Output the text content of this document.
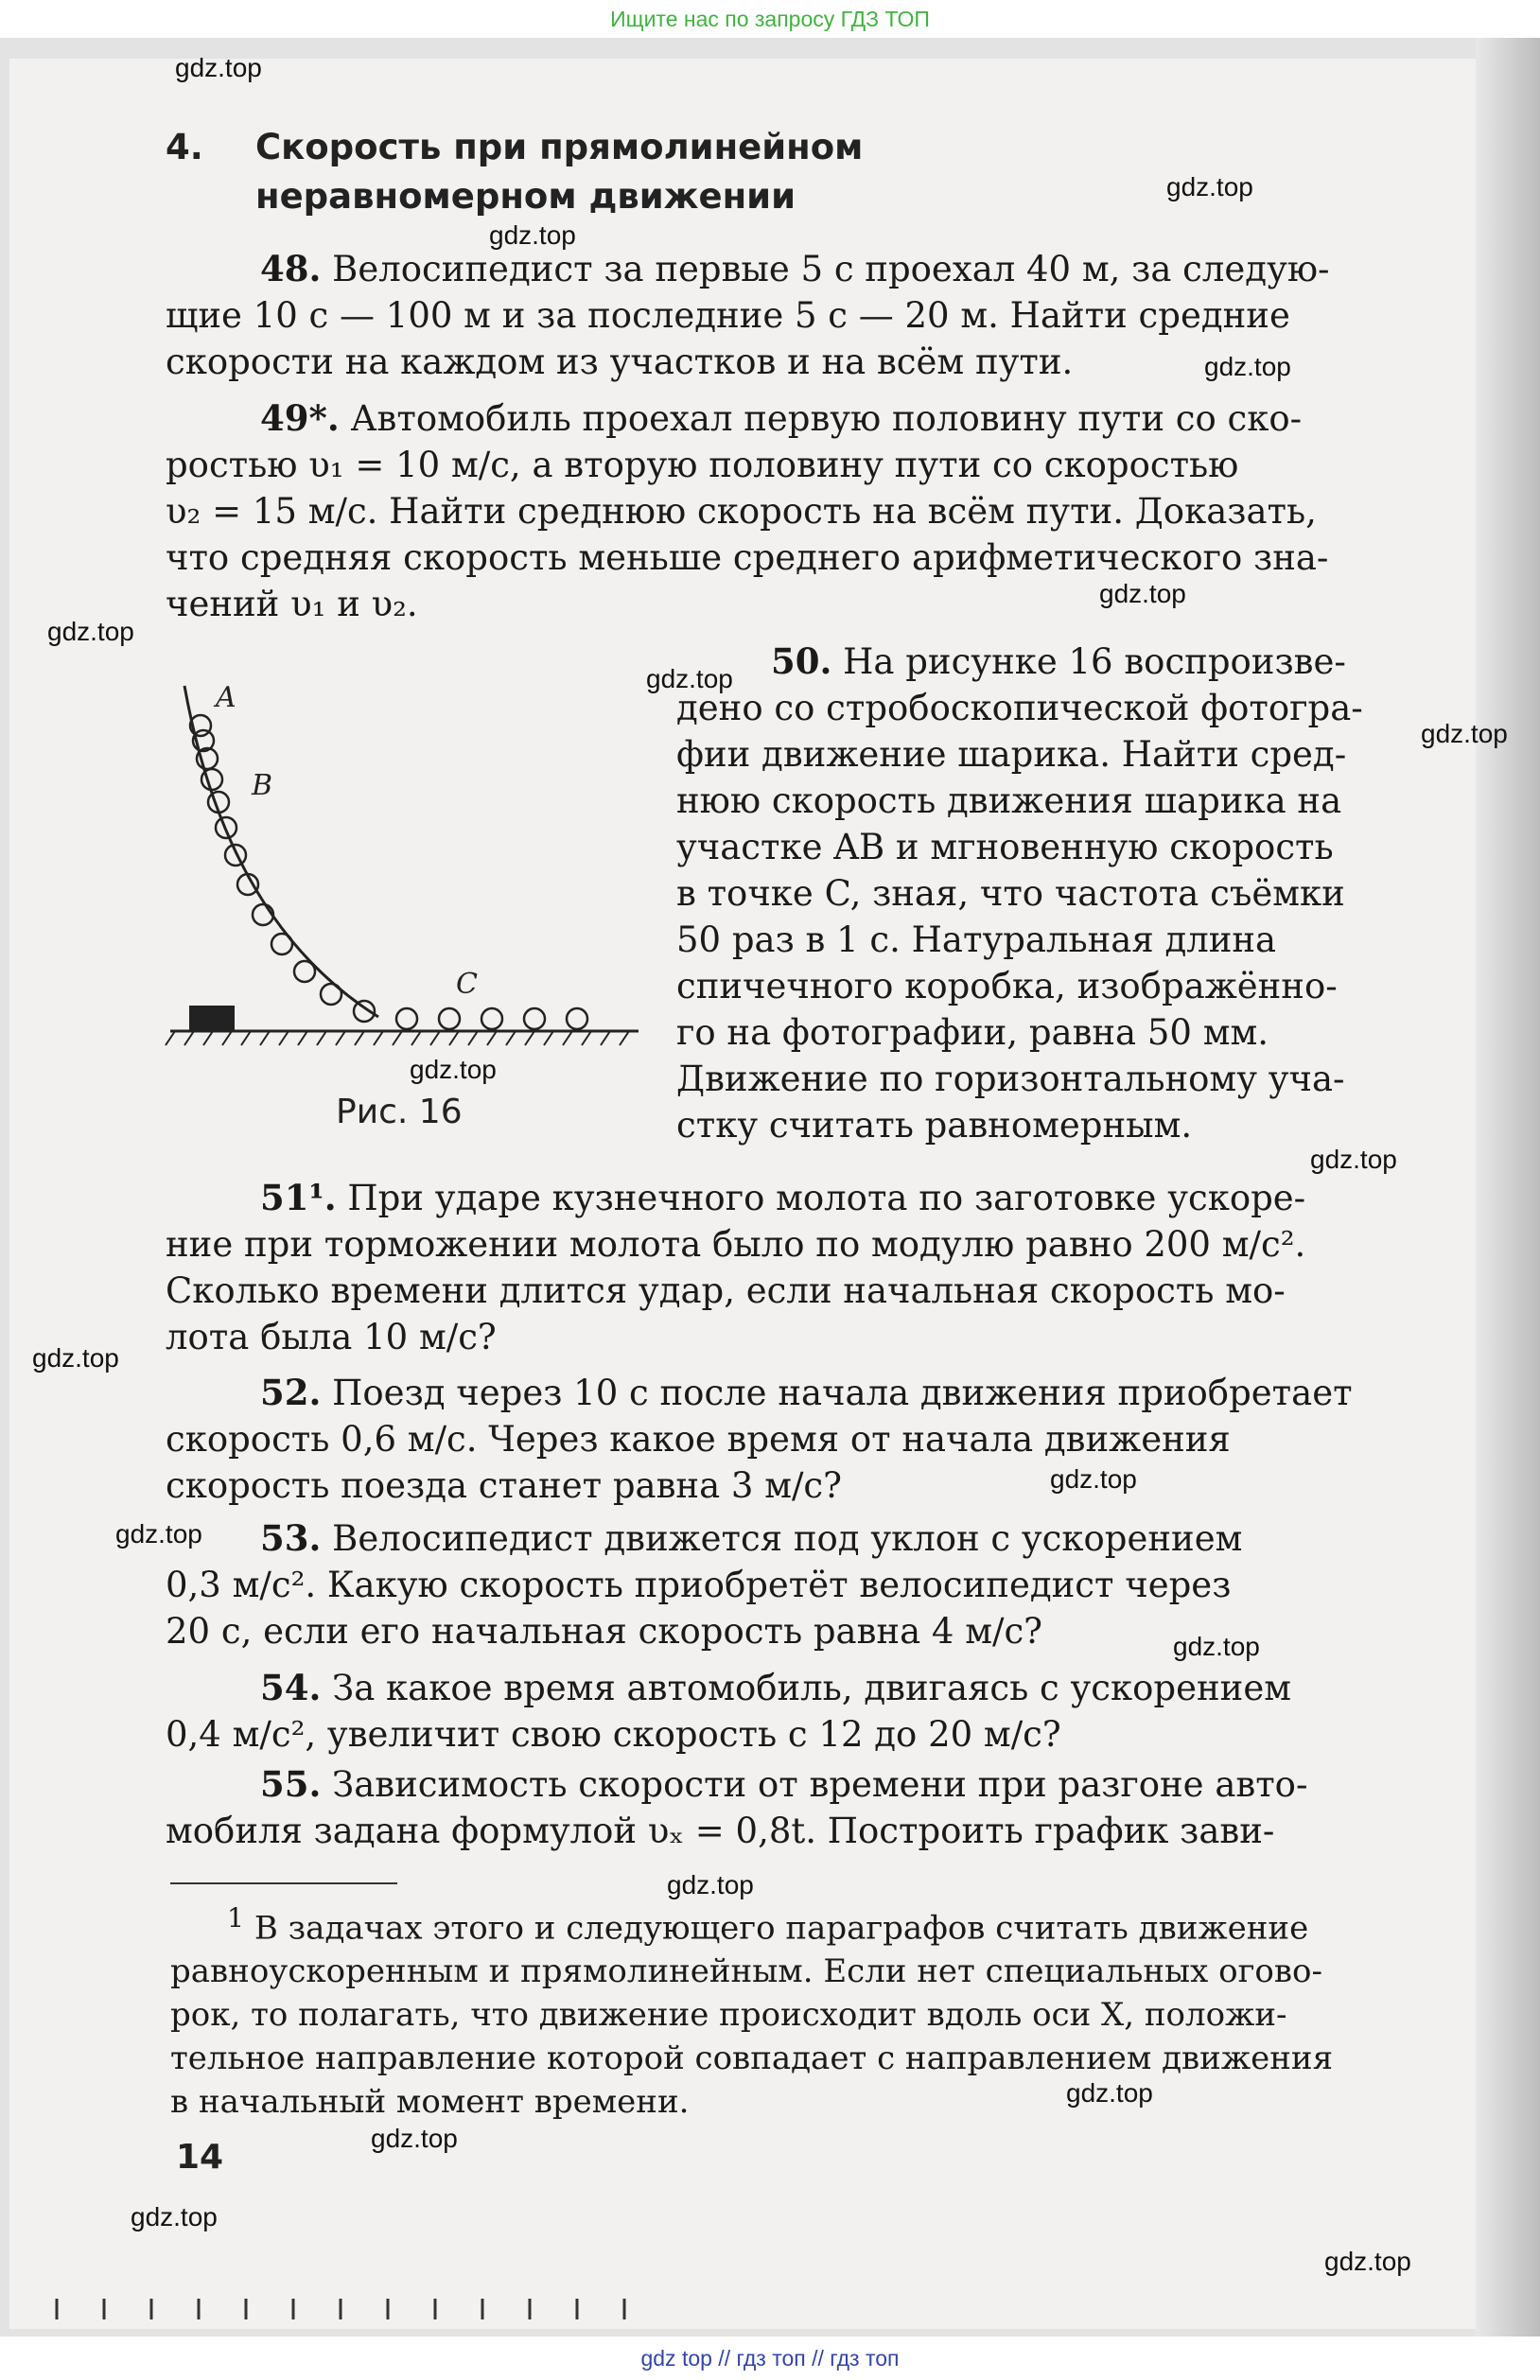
Ищите нас по запросу ГДЗ ТОП
4. Скорость при прямолинейном
неравномерном движении
48. Велосипедист за первые 5 с проехал 40 м, за следую-
щие 10 с — 100 м и за последние 5 с — 20 м. Найти средние
скорости на каждом из участков и на всём пути.
49*. Автомобиль проехал первую половину пути со ско-
ростью υ₁ = 10 м/с, а вторую половину пути со скоростью
υ₂ = 15 м/с. Найти среднюю скорость на всём пути. Доказать,
что средняя скорость меньше среднего арифметического зна-
чений υ₁ и υ₂.
50. На рисунке 16 воспроизве-
дено со стробоскопической фотогра-
фии движение шарика. Найти сред-
нюю скорость движения шарика на
участке AB и мгновенную скорость
в точке C, зная, что частота съёмки
50 раз в 1 с. Натуральная длина
спичечного коробка, изображённо-
го на фотографии, равна 50 мм.
Движение по горизонтальному уча-
стку считать равномерным.
A
B
C
Рис. 16
51¹. При ударе кузнечного молота по заготовке ускоре-
ние при торможении молота было по модулю равно 200 м/с².
Сколько времени длится удар, если начальная скорость мо-
лота была 10 м/с?
52. Поезд через 10 с после начала движения приобретает
скорость 0,6 м/с. Через какое время от начала движения
скорость поезда станет равна 3 м/с?
53. Велосипедист движется под уклон с ускорением
0,3 м/с². Какую скорость приобретёт велосипедист через
20 с, если его начальная скорость равна 4 м/с?
54. За какое время автомобиль, двигаясь с ускорением
0,4 м/с², увеличит свою скорость с 12 до 20 м/с?
55. Зависимость скорости от времени при разгоне авто-
мобиля задана формулой υₓ = 0,8t. Построить график зави-
$^1$ В задачах этого и следующего параграфов считать движение
равноускоренным и прямолинейным. Если нет специальных огово-
рок, то полагать, что движение происходит вдоль оси X, положи-
тельное направление которой совпадает с направлением движения
в начальный момент времени.
14
gdz.top
gdz.top
gdz.top
gdz.top
gdz.top
gdz.top
gdz.top
gdz.top
gdz.top
gdz.top
gdz.top
gdz.top
gdz.top
gdz.top
gdz.top
gdz.top
gdz.top
gdz.top
gdz.top
gdz top // гдз топ // гдз топ
